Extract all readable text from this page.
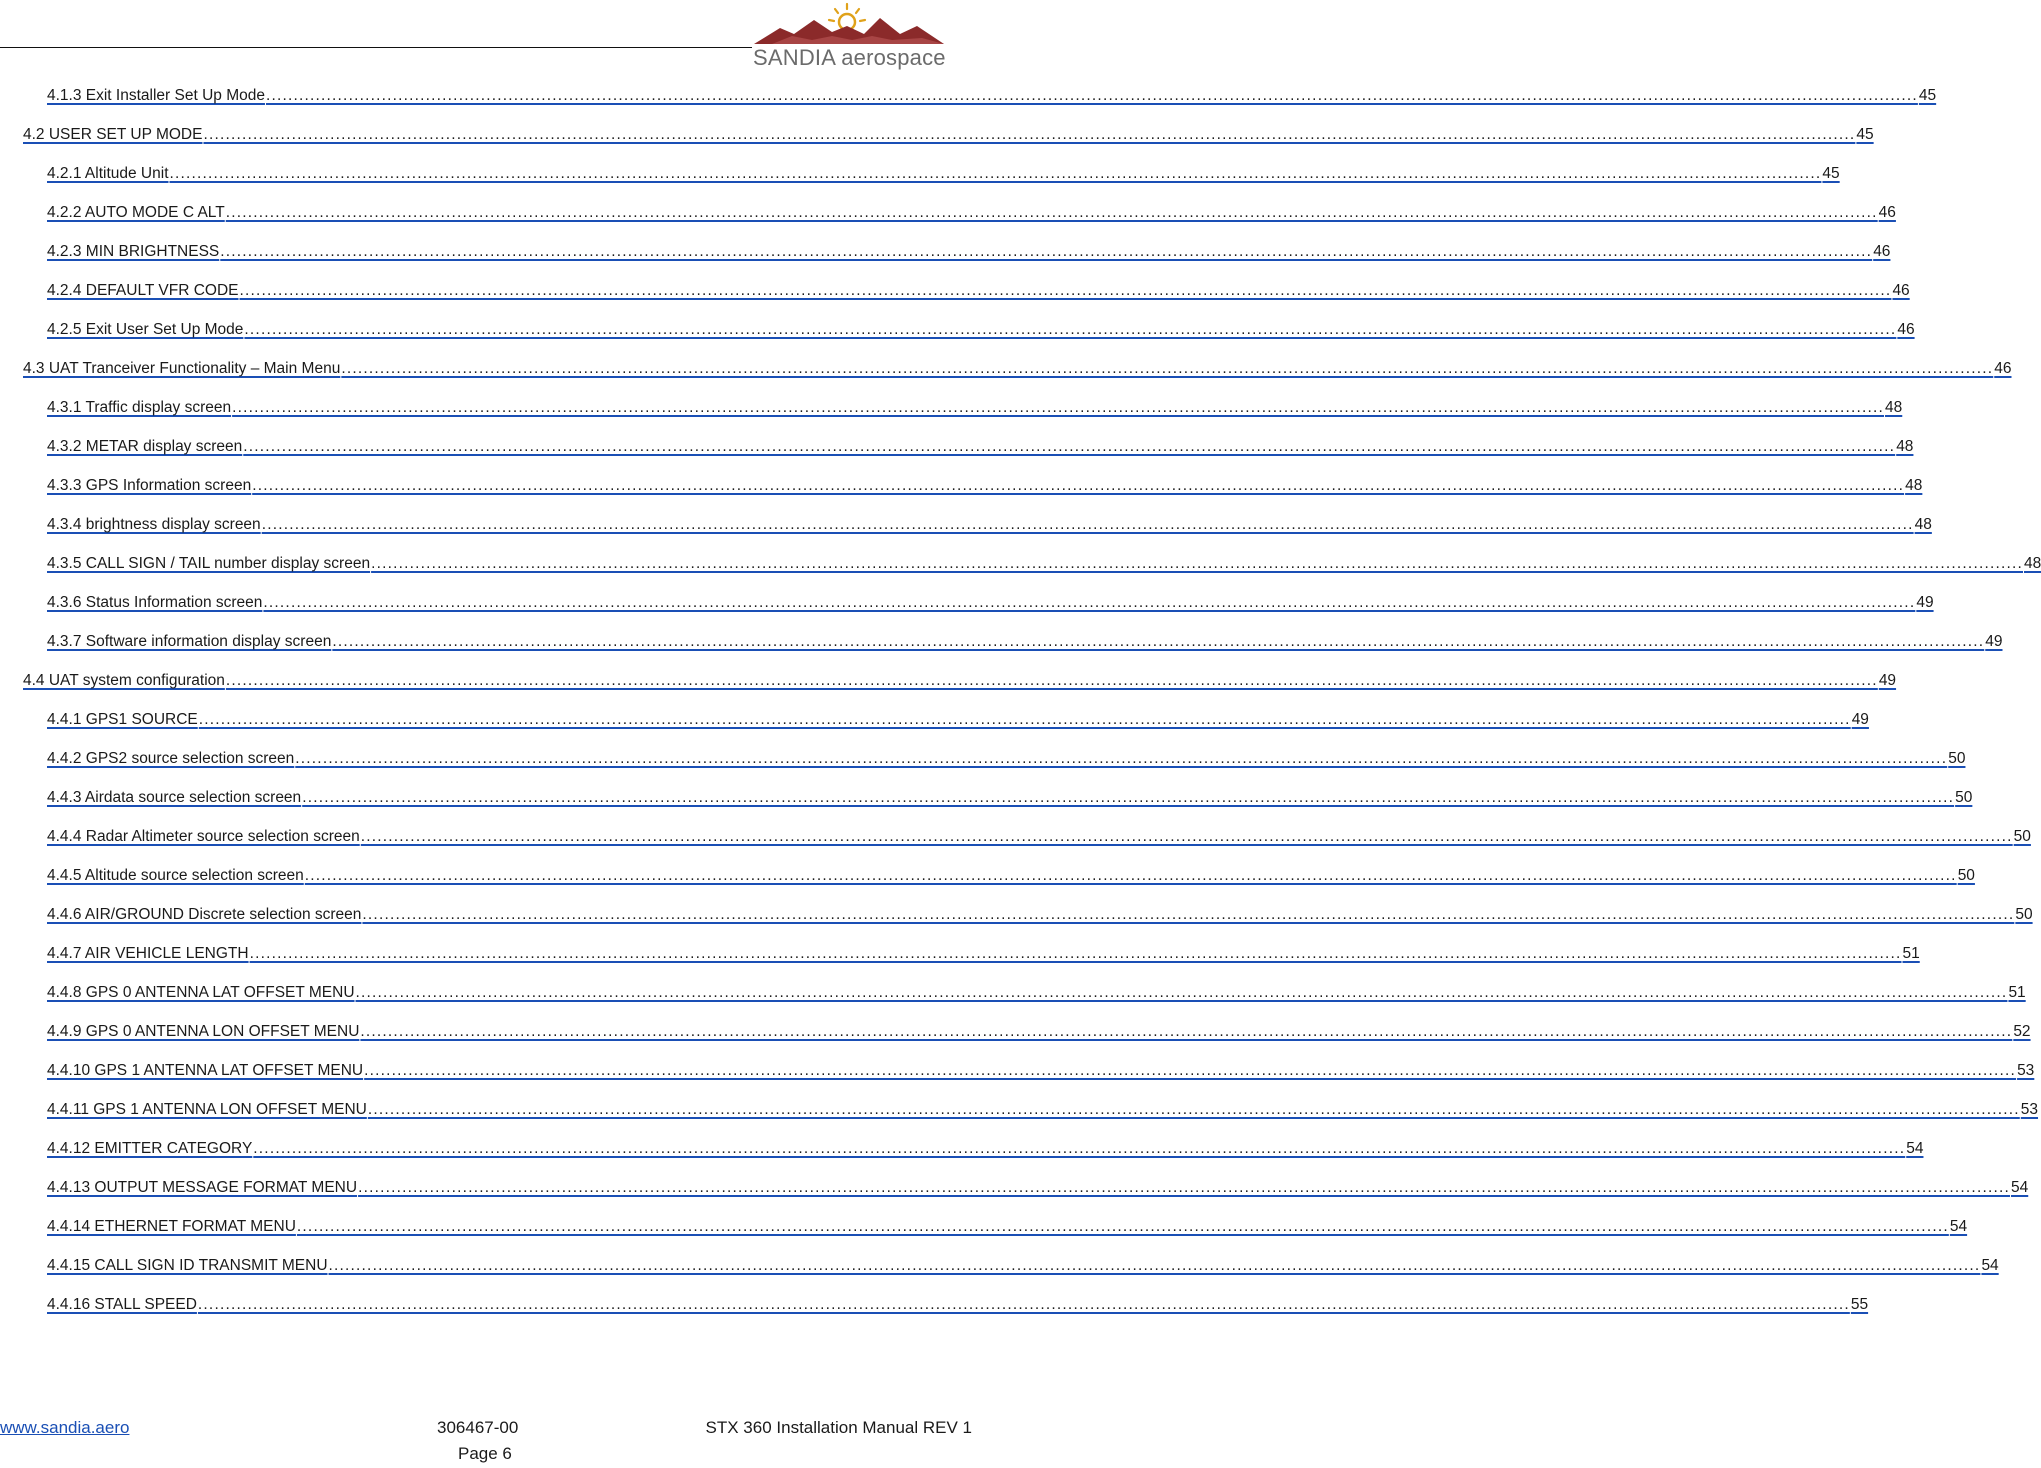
SANDIA aerospace
4.1.3 Exit Installer Set Up Mode ............................................................................................................................................................................................................................................................................................................ 45
4.2 USER SET UP MODE ............................................................................................................................................................................................................................................................................................................ 45
4.2.1 Altitude Unit ............................................................................................................................................................................................................................................................................................................ 45
4.2.2 AUTO MODE C ALT ............................................................................................................................................................................................................................................................................................................ 46
4.2.3 MIN BRIGHTNESS ............................................................................................................................................................................................................................................................................................................ 46
4.2.4 DEFAULT VFR CODE ............................................................................................................................................................................................................................................................................................................ 46
4.2.5 Exit User Set Up Mode ............................................................................................................................................................................................................................................................................................................ 46
4.3 UAT Tranceiver Functionality – Main Menu ............................................................................................................................................................................................................................................................................................................ 46
4.3.1 Traffic display screen ............................................................................................................................................................................................................................................................................................................ 48
4.3.2 METAR display screen ............................................................................................................................................................................................................................................................................................................ 48
4.3.3 GPS Information screen ............................................................................................................................................................................................................................................................................................................ 48
4.3.4 brightness display screen ............................................................................................................................................................................................................................................................................................................ 48
4.3.5 CALL SIGN / TAIL number display screen ............................................................................................................................................................................................................................................................................................................ 48
4.3.6 Status Information screen ............................................................................................................................................................................................................................................................................................................ 49
4.3.7 Software information display screen ............................................................................................................................................................................................................................................................................................................ 49
4.4 UAT system configuration ............................................................................................................................................................................................................................................................................................................ 49
4.4.1 GPS1 SOURCE ............................................................................................................................................................................................................................................................................................................ 49
4.4.2 GPS2 source selection screen ............................................................................................................................................................................................................................................................................................................ 50
4.4.3 Airdata source selection screen ............................................................................................................................................................................................................................................................................................................ 50
4.4.4 Radar Altimeter source selection screen ............................................................................................................................................................................................................................................................................................................ 50
4.4.5 Altitude source selection screen ............................................................................................................................................................................................................................................................................................................ 50
4.4.6 AIR/GROUND Discrete selection screen ............................................................................................................................................................................................................................................................................................................ 50
4.4.7 AIR VEHICLE LENGTH ............................................................................................................................................................................................................................................................................................................ 51
4.4.8 GPS 0 ANTENNA LAT OFFSET MENU ............................................................................................................................................................................................................................................................................................................ 51
4.4.9 GPS 0 ANTENNA LON OFFSET MENU ............................................................................................................................................................................................................................................................................................................ 52
4.4.10 GPS 1 ANTENNA LAT OFFSET MENU ............................................................................................................................................................................................................................................................................................................ 53
4.4.11 GPS 1 ANTENNA LON OFFSET MENU ............................................................................................................................................................................................................................................................................................................ 53
4.4.12 EMITTER CATEGORY ............................................................................................................................................................................................................................................................................................................ 54
4.4.13 OUTPUT MESSAGE FORMAT MENU ............................................................................................................................................................................................................................................................................................................ 54
4.4.14 ETHERNET FORMAT MENU ............................................................................................................................................................................................................................................................................................................ 54
4.4.15 CALL SIGN ID TRANSMIT MENU ............................................................................................................................................................................................................................................................................................................ 54
4.4.16 STALL SPEED ............................................................................................................................................................................................................................................................................................................ 55
www.sandia.aero	306467-00	STX 360 Installation Manual REV 1
Page 6
